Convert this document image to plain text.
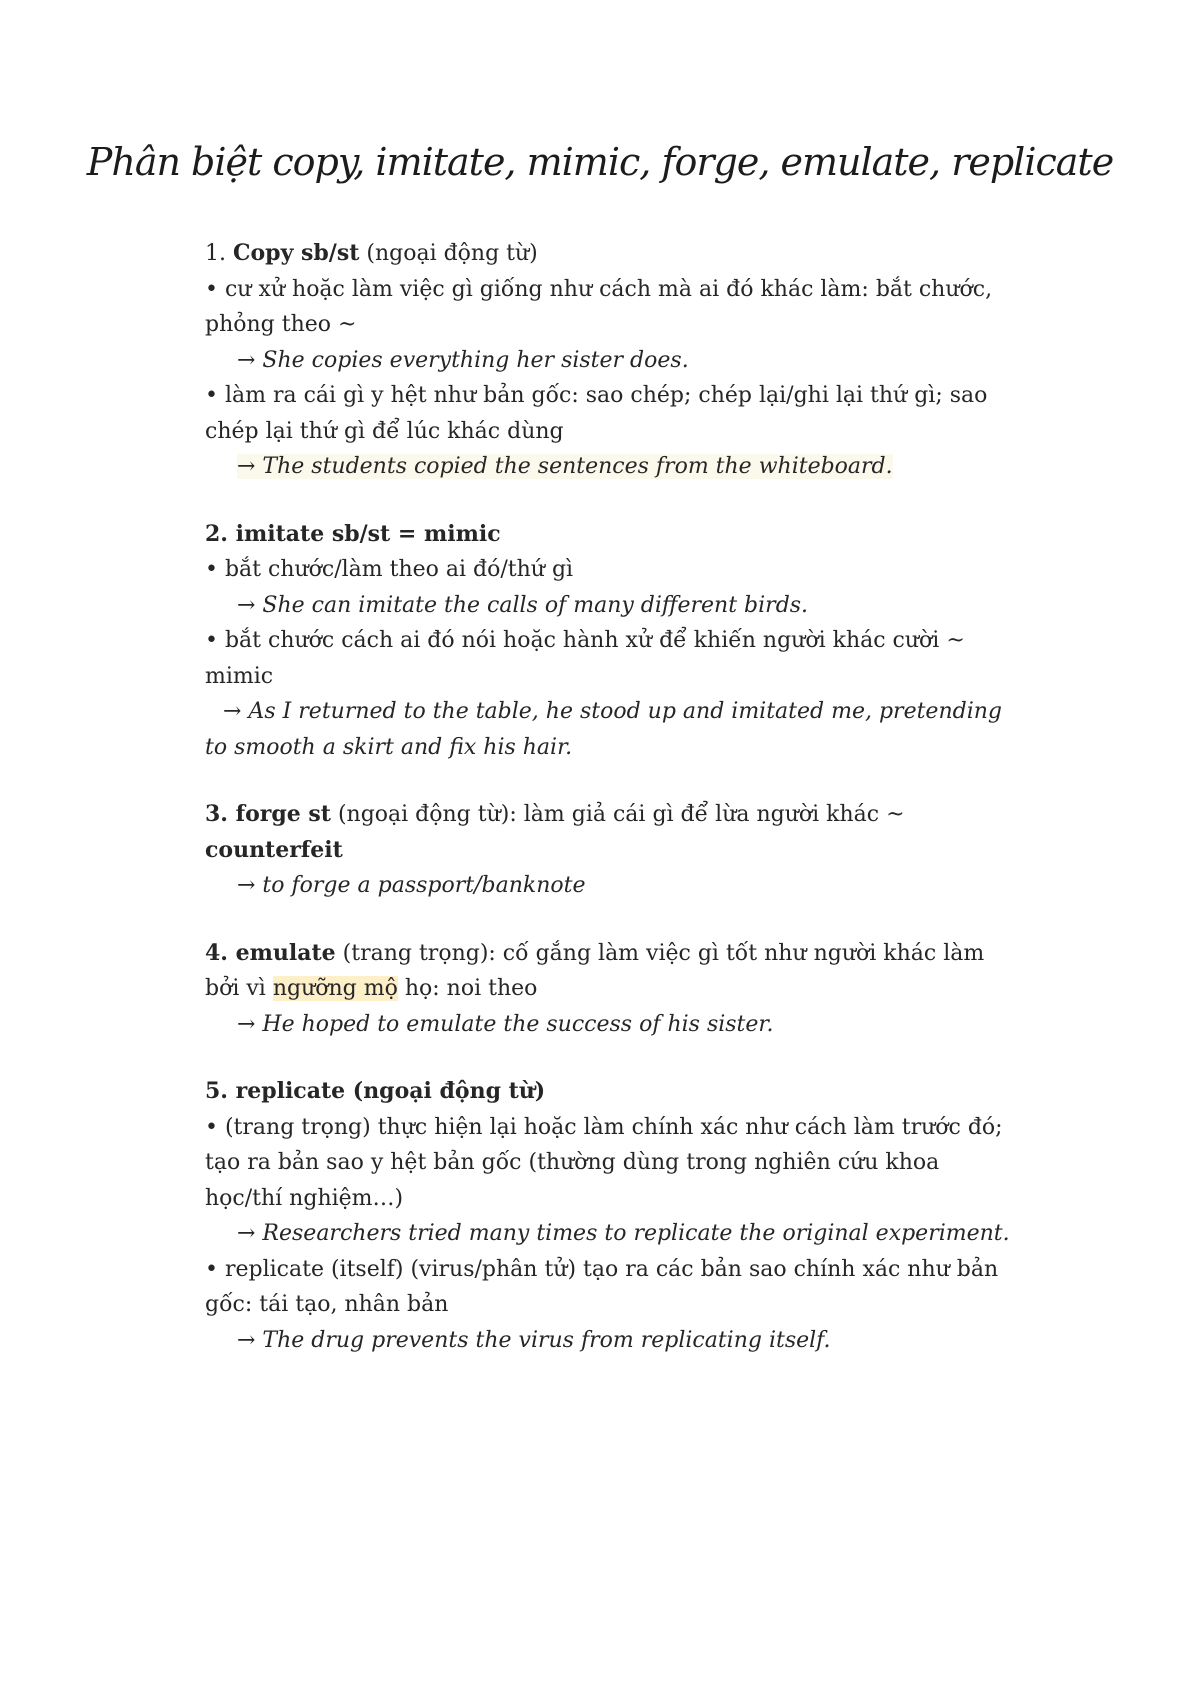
Phân biệt copy, imitate, mimic, forge, emulate, replicate
1. Copy sb/st (ngoại động từ)
• cư xử hoặc làm việc gì giống như cách mà ai đó khác làm: bắt chước,
phỏng theo ~
→ She copies everything her sister does.
• làm ra cái gì y hệt như bản gốc: sao chép; chép lại/ghi lại thứ gì; sao
chép lại thứ gì để lúc khác dùng
→ The students copied the sentences from the whiteboard.
2. imitate sb/st = mimic
• bắt chước/làm theo ai đó/thứ gì
→ She can imitate the calls of many different birds.
• bắt chước cách ai đó nói hoặc hành xử để khiến người khác cười ~
mimic
→ As I returned to the table, he stood up and imitated me, pretending
to smooth a skirt and fix his hair.
3. forge st (ngoại động từ): làm giả cái gì để lừa người khác ~
counterfeit
→ to forge a passport/banknote
4. emulate (trang trọng): cố gắng làm việc gì tốt như người khác làm
bởi vì ngưỡng mộ họ: noi theo
→ He hoped to emulate the success of his sister.
5. replicate (ngoại động từ)
• (trang trọng) thực hiện lại hoặc làm chính xác như cách làm trước đó;
tạo ra bản sao y hệt bản gốc (thường dùng trong nghiên cứu khoa
học/thí nghiệm…)
→ Researchers tried many times to replicate the original experiment.
• replicate (itself) (virus/phân tử) tạo ra các bản sao chính xác như bản
gốc: tái tạo, nhân bản
→ The drug prevents the virus from replicating itself.
